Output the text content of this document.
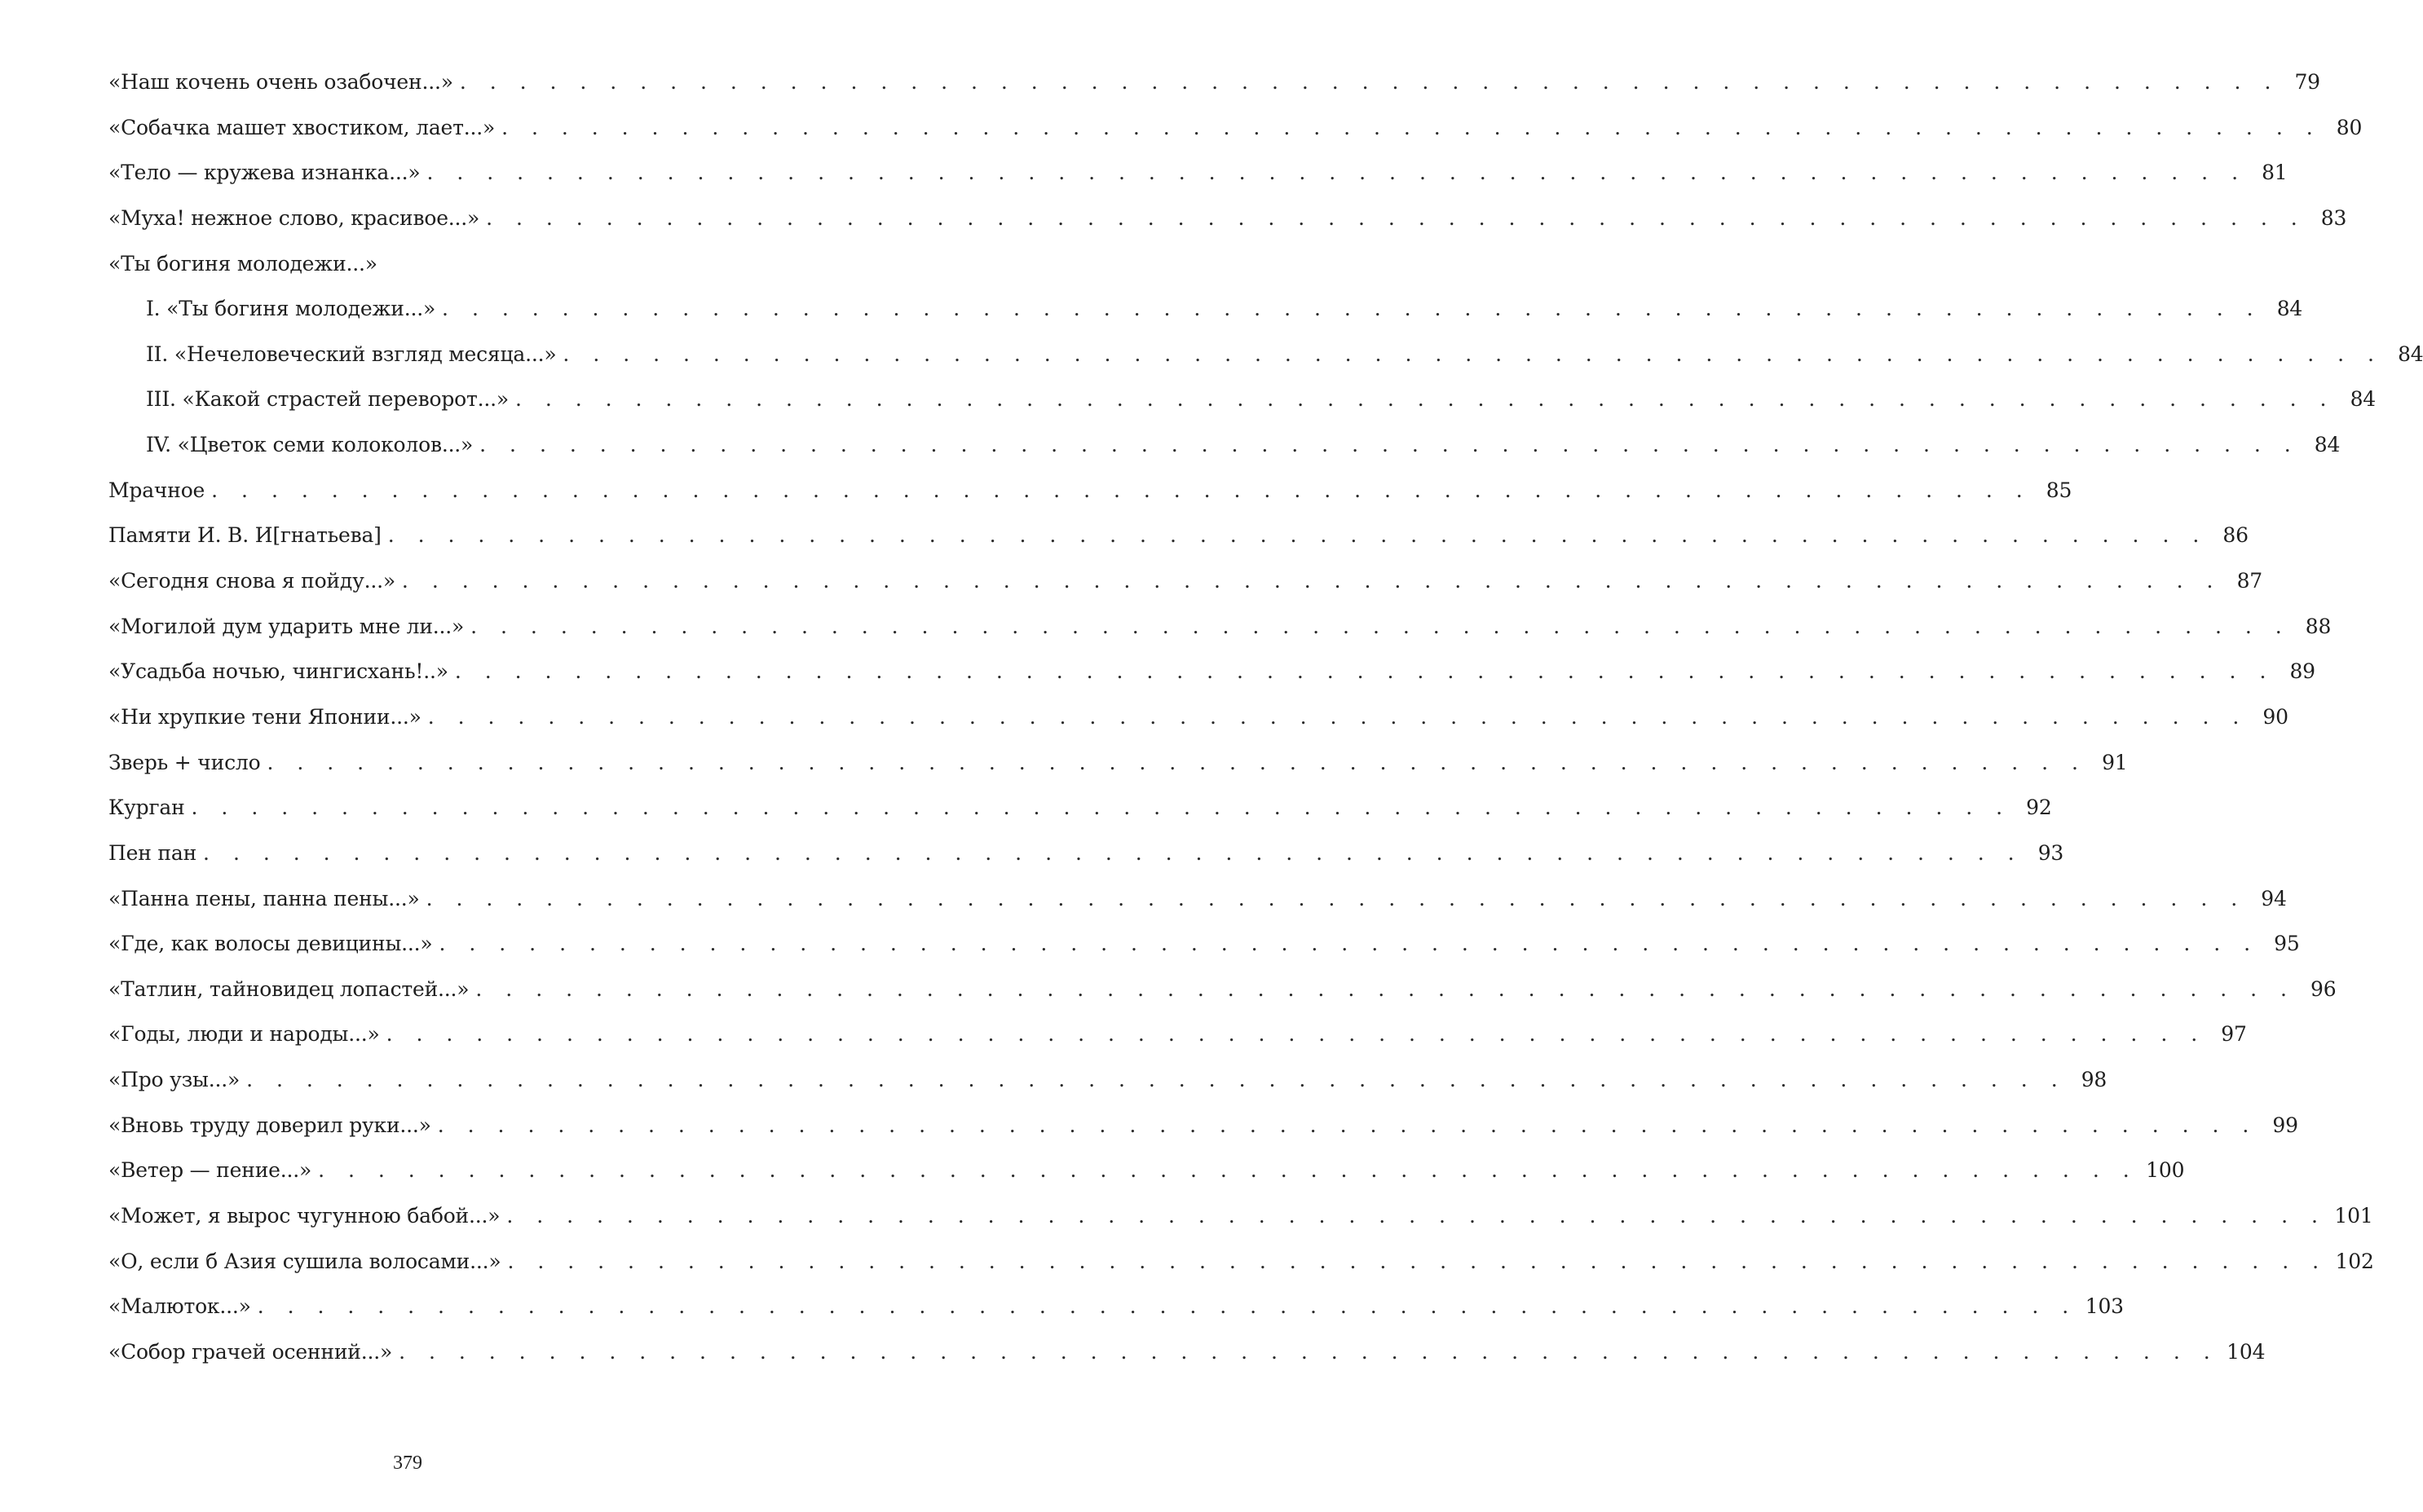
«Наш кочень очень озабочен...» . . . . . . . . . . . . . . . . . . . . . . . . . . . . . . . . . . . . . . . . . . . . . . . . . . . . . . . . . . . . . 79
«Собачка машет хвостиком, лает...» . . . . . . . . . . . . . . . . . . . . . . . . . . . . . . . . . . . . . . . . . . . . . . . . . . . . . . . . . . . . . 80
«Тело — кружева изнанка...» . . . . . . . . . . . . . . . . . . . . . . . . . . . . . . . . . . . . . . . . . . . . . . . . . . . . . . . . . . . . . 81
«Муха! нежное слово, красивое...» . . . . . . . . . . . . . . . . . . . . . . . . . . . . . . . . . . . . . . . . . . . . . . . . . . . . . . . . . . . . . 83
«Ты богиня молодежи...»
I. «Ты богиня молодежи...» . . . . . . . . . . . . . . . . . . . . . . . . . . . . . . . . . . . . . . . . . . . . . . . . . . . . . . . . . . . . . 84
II. «Нечеловеческий взгляд месяца...» . . . . . . . . . . . . . . . . . . . . . . . . . . . . . . . . . . . . . . . . . . . . . . . . . . . . . . . . . . . . . 84
III. «Какой страстей переворот...» . . . . . . . . . . . . . . . . . . . . . . . . . . . . . . . . . . . . . . . . . . . . . . . . . . . . . . . . . . . . . 84
IV. «Цветок семи колоколов...» . . . . . . . . . . . . . . . . . . . . . . . . . . . . . . . . . . . . . . . . . . . . . . . . . . . . . . . . . . . . . 84
Мрачное . . . . . . . . . . . . . . . . . . . . . . . . . . . . . . . . . . . . . . . . . . . . . . . . . . . . . . . . . . . . . 85
Памяти И. В. И[гнатьева] . . . . . . . . . . . . . . . . . . . . . . . . . . . . . . . . . . . . . . . . . . . . . . . . . . . . . . . . . . . . . 86
«Сегодня снова я пойду...» . . . . . . . . . . . . . . . . . . . . . . . . . . . . . . . . . . . . . . . . . . . . . . . . . . . . . . . . . . . . . 87
«Могилой дум ударить мне ли...» . . . . . . . . . . . . . . . . . . . . . . . . . . . . . . . . . . . . . . . . . . . . . . . . . . . . . . . . . . . . . 88
«Усадьба ночью, чингисхань!..» . . . . . . . . . . . . . . . . . . . . . . . . . . . . . . . . . . . . . . . . . . . . . . . . . . . . . . . . . . . . . 89
«Ни хрупкие тени Японии...» . . . . . . . . . . . . . . . . . . . . . . . . . . . . . . . . . . . . . . . . . . . . . . . . . . . . . . . . . . . . . 90
Зверь + число . . . . . . . . . . . . . . . . . . . . . . . . . . . . . . . . . . . . . . . . . . . . . . . . . . . . . . . . . . . . . 91
Курган . . . . . . . . . . . . . . . . . . . . . . . . . . . . . . . . . . . . . . . . . . . . . . . . . . . . . . . . . . . . . 92
Пен пан . . . . . . . . . . . . . . . . . . . . . . . . . . . . . . . . . . . . . . . . . . . . . . . . . . . . . . . . . . . . . 93
«Панна пены, панна пены...» . . . . . . . . . . . . . . . . . . . . . . . . . . . . . . . . . . . . . . . . . . . . . . . . . . . . . . . . . . . . . 94
«Где, как волосы девицины...» . . . . . . . . . . . . . . . . . . . . . . . . . . . . . . . . . . . . . . . . . . . . . . . . . . . . . . . . . . . . . 95
«Татлин, тайновидец лопастей...» . . . . . . . . . . . . . . . . . . . . . . . . . . . . . . . . . . . . . . . . . . . . . . . . . . . . . . . . . . . . . 96
«Годы, люди и народы...» . . . . . . . . . . . . . . . . . . . . . . . . . . . . . . . . . . . . . . . . . . . . . . . . . . . . . . . . . . . . . 97
«Про узы...» . . . . . . . . . . . . . . . . . . . . . . . . . . . . . . . . . . . . . . . . . . . . . . . . . . . . . . . . . . . . . 98
«Вновь труду доверил руки...» . . . . . . . . . . . . . . . . . . . . . . . . . . . . . . . . . . . . . . . . . . . . . . . . . . . . . . . . . . . . . 99
«Ветер — пение...» . . . . . . . . . . . . . . . . . . . . . . . . . . . . . . . . . . . . . . . . . . . . . . . . . . . . . . . . . . . . . 100
«Может, я вырос чугунною бабой...» . . . . . . . . . . . . . . . . . . . . . . . . . . . . . . . . . . . . . . . . . . . . . . . . . . . . . . . . . . . . . 101
«О, если б Азия сушила волосами...» . . . . . . . . . . . . . . . . . . . . . . . . . . . . . . . . . . . . . . . . . . . . . . . . . . . . . . . . . . . . . 102
«Малюток...» . . . . . . . . . . . . . . . . . . . . . . . . . . . . . . . . . . . . . . . . . . . . . . . . . . . . . . . . . . . . . 103
«Собор грачей осенний...» . . . . . . . . . . . . . . . . . . . . . . . . . . . . . . . . . . . . . . . . . . . . . . . . . . . . . . . . . . . . . 104
379
